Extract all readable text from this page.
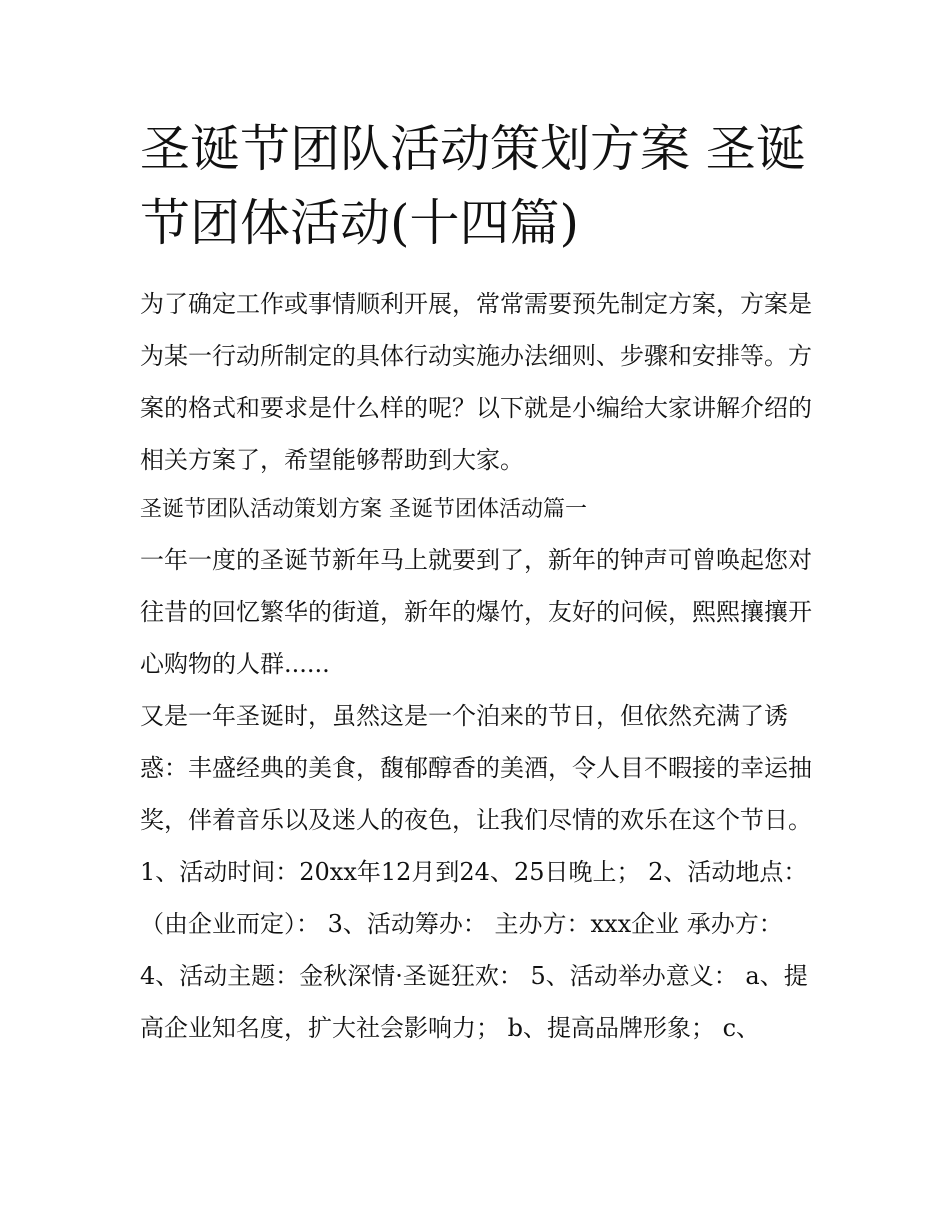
圣诞节团队活动策划方案 圣诞节团体活动(十四篇)

为了确定工作或事情顺利开展，常常需要预先制定方案，方案是为某一行动所制定的具体行动实施办法细则、步骤和安排等。方案的格式和要求是什么样的呢？以下就是小编给大家讲解介绍的相关方案了，希望能够帮助到大家。

圣诞节团队活动策划方案 圣诞节团体活动篇一

一年一度的圣诞节新年马上就要到了，新年的钟声可曾唤起您对往昔的回忆繁华的街道，新年的爆竹，友好的问候，熙熙攘攘开心购物的人群......

又是一年圣诞时，虽然这是一个泊来的节日，但依然充满了诱惑：丰盛经典的美食，馥郁醇香的美酒，令人目不暇接的幸运抽奖，伴着音乐以及迷人的夜色，让我们尽情的欢乐在这个节日。

1、活动时间：20xx年12月到24、25日晚上； 2、活动地点：（由企业而定）： 3、活动筹办： 主办方：xxx企业 承办方：4、活动主题：金秋深情·圣诞狂欢： 5、活动举办意义： a、提高企业知名度，扩大社会影响力； b、提高品牌形象； c、
